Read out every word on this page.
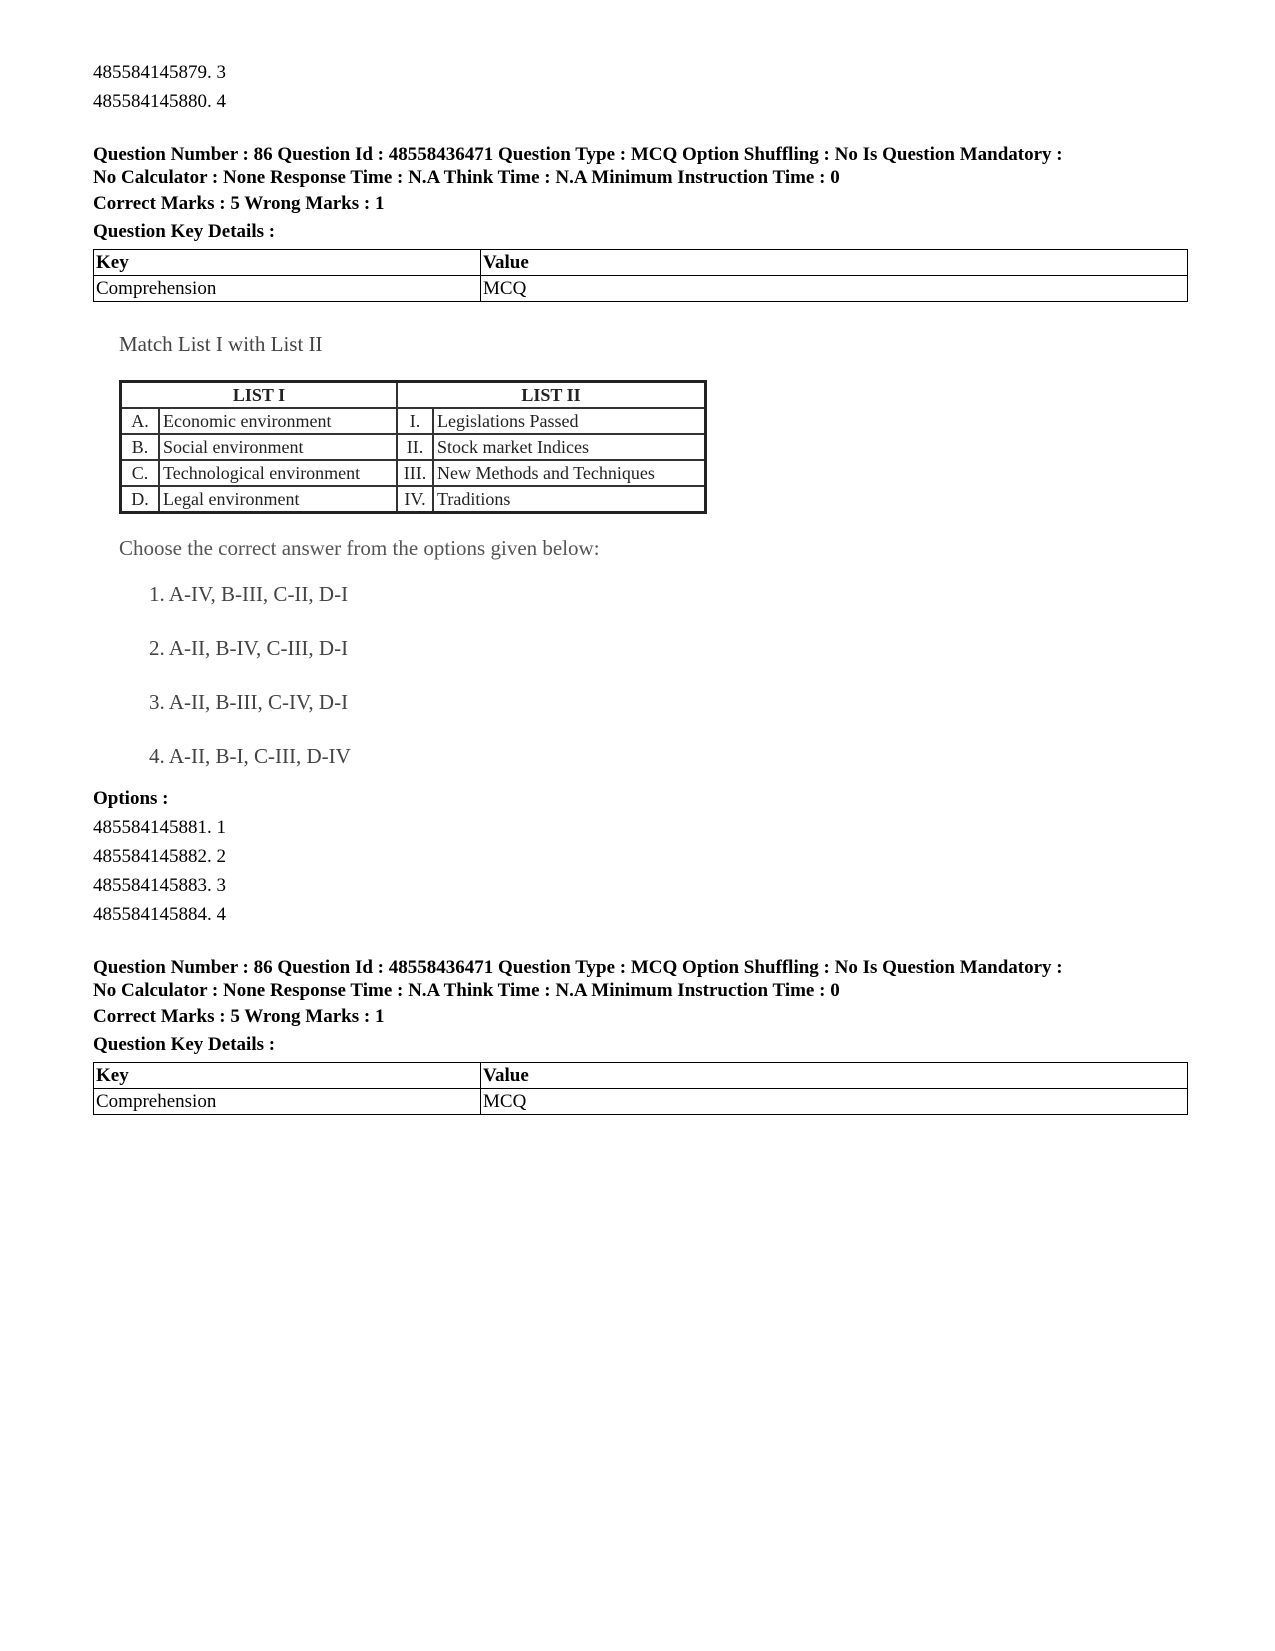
485584145879. 3
485584145880. 4
Question Number : 86 Question Id : 48558436471 Question Type : MCQ Option Shuffling : No Is Question Mandatory :
No Calculator : None Response Time : N.A Think Time : N.A Minimum Instruction Time : 0
Correct Marks : 5 Wrong Marks : 1
Question Key Details :
Key	Value
Comprehension	MCQ
Match List I with List II
LIST I		LIST II	
A.	Economic environment	I.	Legislations Passed
B.	Social environment	II.	Stock market Indices
C.	Technological environment	III.	New Methods and Techniques
D.	Legal environment	IV.	Traditions
Choose the correct answer from the options given below:
1. A-IV, B-III, C-II, D-I
2. A-II, B-IV, C-III, D-I
3. A-II, B-III, C-IV, D-I
4. A-II, B-I, C-III, D-IV
Options :
485584145881. 1
485584145882. 2
485584145883. 3
485584145884. 4
Question Number : 86 Question Id : 48558436471 Question Type : MCQ Option Shuffling : No Is Question Mandatory :
No Calculator : None Response Time : N.A Think Time : N.A Minimum Instruction Time : 0
Correct Marks : 5 Wrong Marks : 1
Question Key Details :
Key	Value
Comprehension	MCQ
